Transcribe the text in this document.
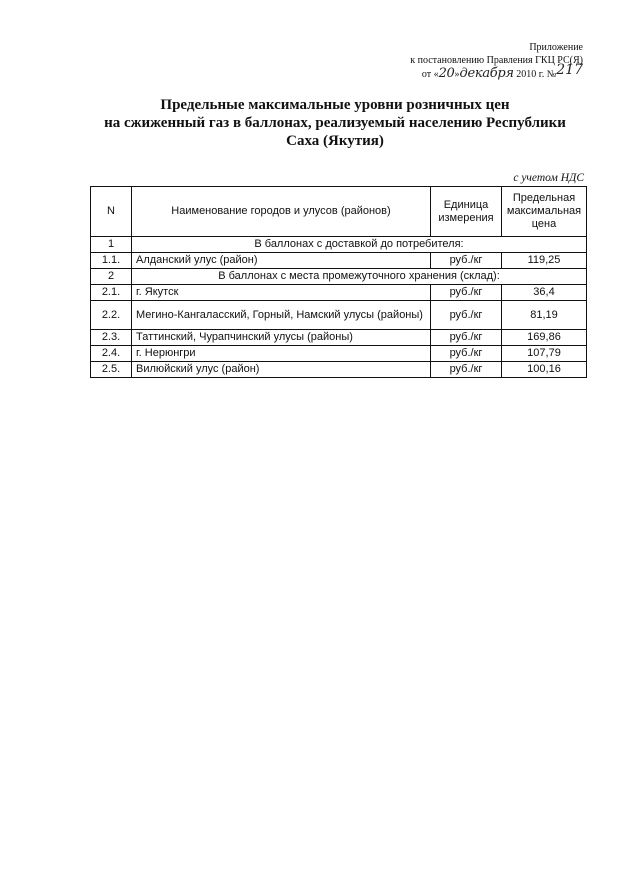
Приложение
к постановлению Правления ГКЦ РС(Я)
от «20»декабря 2010 г. №217
Предельные максимальные уровни розничных цен
на сжиженный газ в баллонах, реализуемый населению Республики
Саха (Якутия)
с учетом НДС
N	Наименование городов и улусов (районов)	Единица измерения	Предельная максимальная цена
1	В баллонах с доставкой до потребителя:		
1.1.	Алданский улус (район)	руб./кг	119,25
2	В баллонах с места промежуточного хранения (склад):		
2.1.	г. Якутск	руб./кг	36,4
2.2.	Мегино-Кангаласский, Горный, Намский улусы (районы)	руб./кг	81,19
2.3.	Таттинский, Чурапчинский улусы (районы)	руб./кг	169,86
2.4.	г. Нерюнгри	руб./кг	107,79
2.5.	Вилюйский улус (район)	руб./кг	100,16
